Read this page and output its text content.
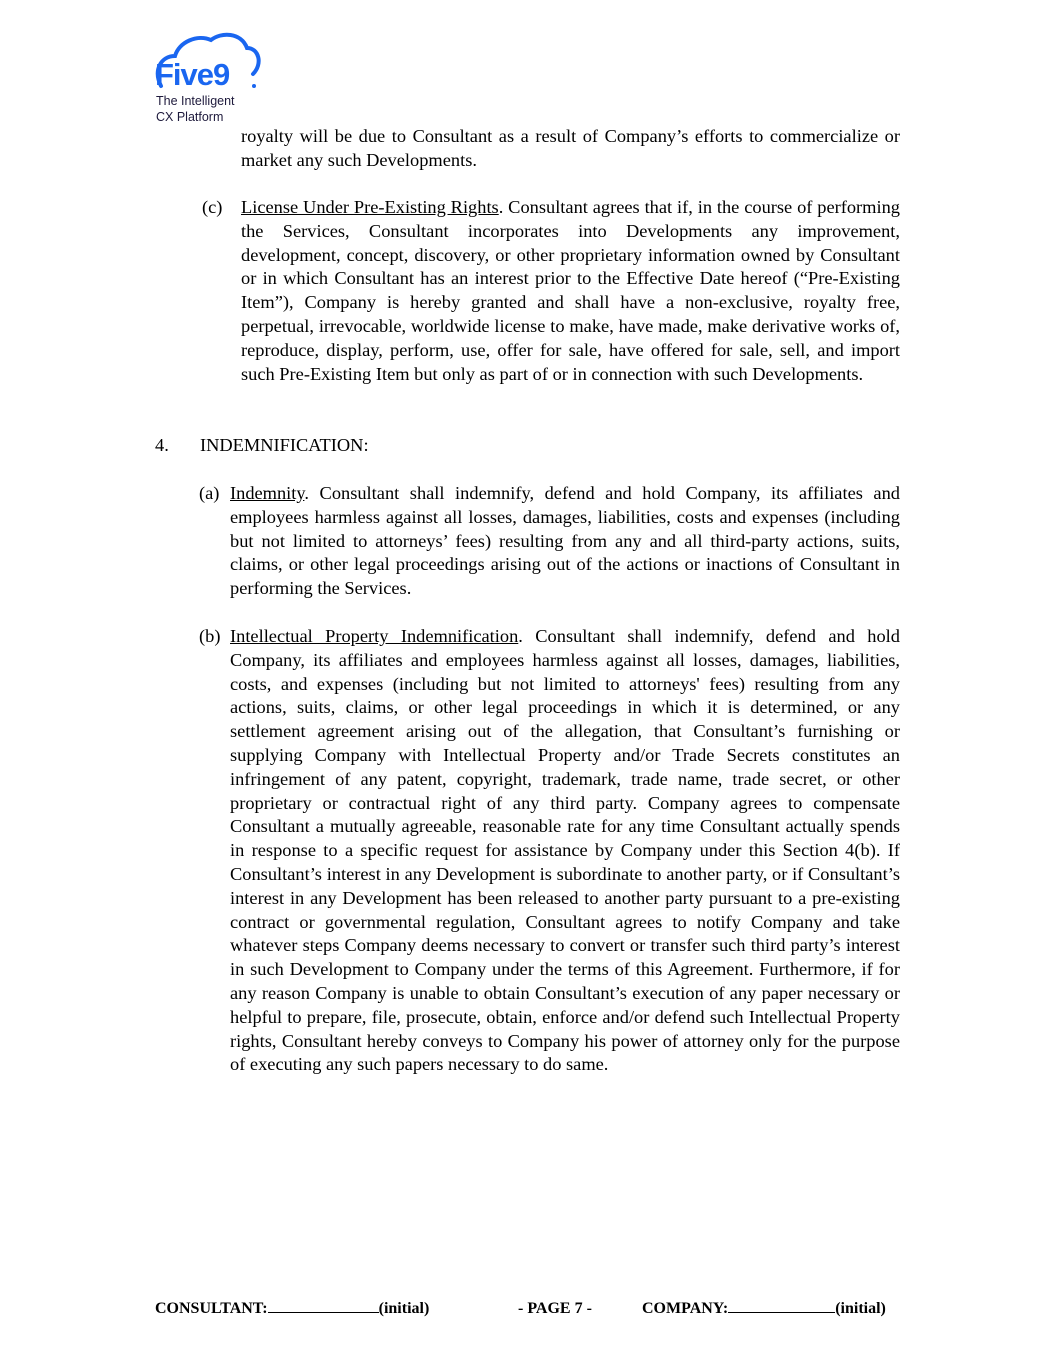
Five9
The Intelligent
CX Platform
royalty will be due to Consultant as a result of Company’s efforts to commercialize or market any such Developments.
(c) License Under Pre-Existing Rights. Consultant agrees that if, in the course of performing the Services, Consultant incorporates into Developments any improvement, development, concept, discovery, or other proprietary information owned by Consultant or in which Consultant has an interest prior to the Effective Date hereof (“Pre-Existing Item”), Company is hereby granted and shall have a non-exclusive, royalty free, perpetual, irrevocable, worldwide license to make, have made, make derivative works of, reproduce, display, perform, use, offer for sale, have offered for sale, sell, and import such Pre-Existing Item but only as part of or in connection with such Developments.
4. INDEMNIFICATION:
(a) Indemnity. Consultant shall indemnify, defend and hold Company, its affiliates and employees harmless against all losses, damages, liabilities, costs and expenses (including but not limited to attorneys’ fees) resulting from any and all third-party actions, suits, claims, or other legal proceedings arising out of the actions or inactions of Consultant in performing the Services.
(b) Intellectual Property Indemnification. Consultant shall indemnify, defend and hold Company, its affiliates and employees harmless against all losses, damages, liabilities, costs, and expenses (including but not limited to attorneys' fees) resulting from any actions, suits, claims, or other legal proceedings in which it is determined, or any settlement agreement arising out of the allegation, that Consultant’s furnishing or supplying Company with Intellectual Property and/or Trade Secrets constitutes an infringement of any patent, copyright, trademark, trade name, trade secret, or other proprietary or contractual right of any third party. Company agrees to compensate Consultant a mutually agreeable, reasonable rate for any time Consultant actually spends in response to a specific request for assistance by Company under this Section 4(b). If Consultant’s interest in any Development is subordinate to another party, or if Consultant’s interest in any Development has been released to another party pursuant to a pre-existing contract or governmental regulation, Consultant agrees to notify Company and take whatever steps Company deems necessary to convert or transfer such third party’s interest in such Development to Company under the terms of this Agreement. Furthermore, if for any reason Company is unable to obtain Consultant’s execution of any paper necessary or helpful to prepare, file, prosecute, obtain, enforce and/or defend such Intellectual Property rights, Consultant hereby conveys to Company his power of attorney only for the purpose of executing any such papers necessary to do same.
CONSULTANT:	(initial)	- PAGE 7 -	COMPANY:	(initial)
